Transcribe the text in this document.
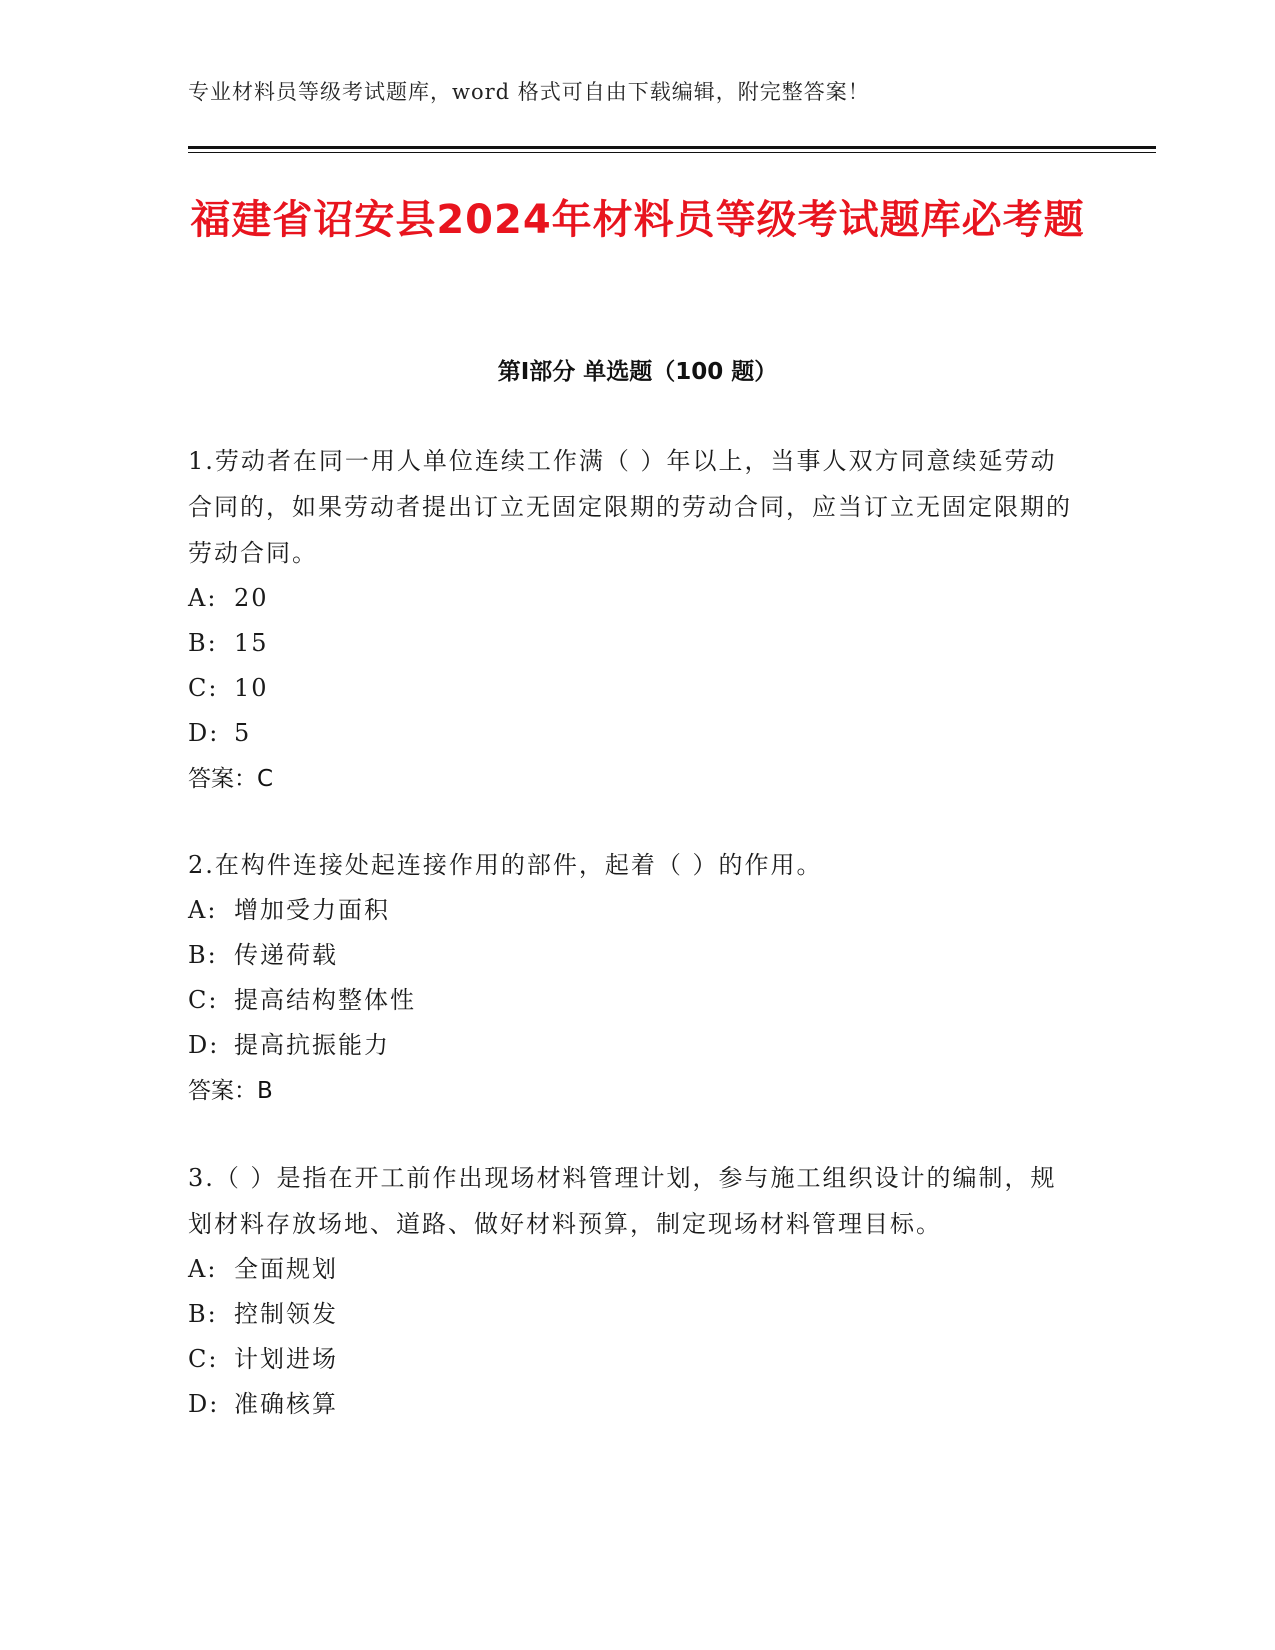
专业材料员等级考试题库，word 格式可自由下载编辑，附完整答案！
福建省诏安县2024年材料员等级考试题库必考题
第Ⅰ部分 单选题（100 题）

1.劳动者在同一用人单位连续工作满（ ）年以上，当事人双方同意续延劳动合同的，如果劳动者提出订立无固定限期的劳动合同，应当订立无固定限期的劳动合同。

A: 20

B: 15

C: 10

D: 5

答案：C

2.在构件连接处起连接作用的部件，起着（ ）的作用。

A: 增加受力面积

B: 传递荷载

C: 提高结构整体性

D: 提高抗振能力

答案：B

3.（ ）是指在开工前作出现场材料管理计划，参与施工组织设计的编制，规划材料存放场地、道路、做好材料预算，制定现场材料管理目标。

A: 全面规划

B: 控制领发

C: 计划进场

D: 准确核算
